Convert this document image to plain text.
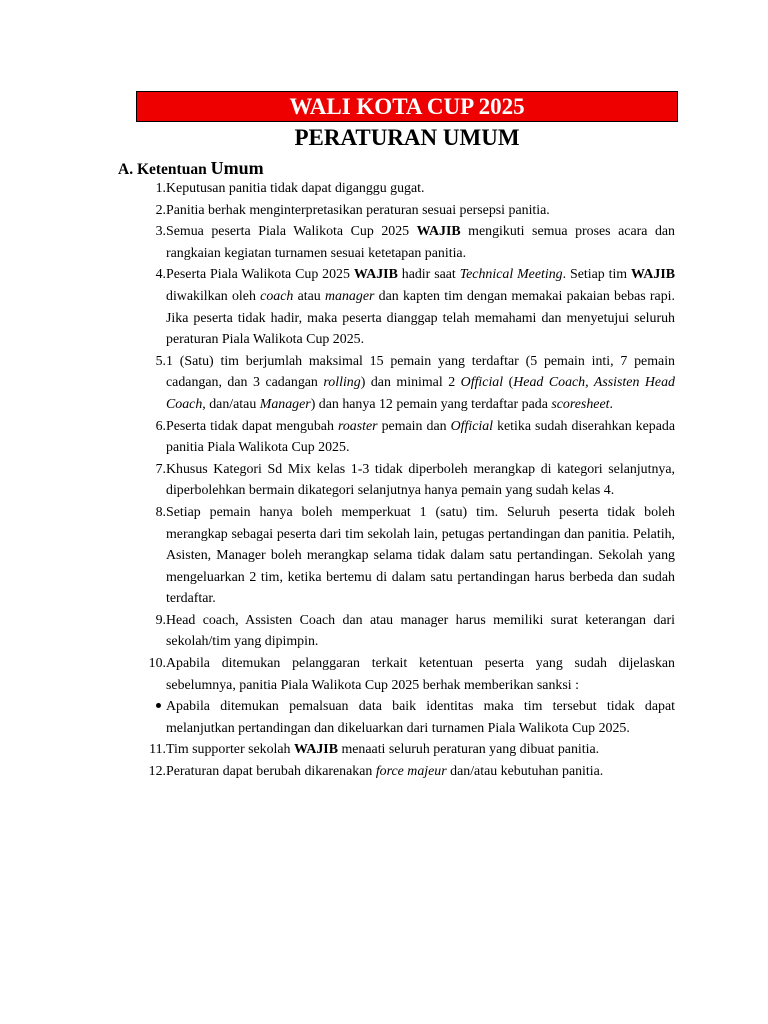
WALI KOTA CUP 2025
PERATURAN UMUM
A. Ketentuan Umum
1. Keputusan panitia tidak dapat diganggu gugat.
2. Panitia berhak menginterpretasikan peraturan sesuai persepsi panitia.
3. Semua peserta Piala Walikota Cup 2025 WAJIB mengikuti semua proses acara dan rangkaian kegiatan turnamen sesuai ketetapan panitia.
4. Peserta Piala Walikota Cup 2025 WAJIB hadir saat Technical Meeting. Setiap tim WAJIB diwakilkan oleh coach atau manager dan kapten tim dengan memakai pakaian bebas rapi. Jika peserta tidak hadir, maka peserta dianggap telah memahami dan menyetujui seluruh peraturan Piala Walikota Cup 2025.
5. 1 (Satu) tim berjumlah maksimal 15 pemain yang terdaftar (5 pemain inti, 7 pemain cadangan, dan 3 cadangan rolling) dan minimal 2 Official (Head Coach, Assisten Head Coach, dan/atau Manager) dan hanya 12 pemain yang terdaftar pada scoresheet.
6. Peserta tidak dapat mengubah roaster pemain dan Official ketika sudah diserahkan kepada panitia Piala Walikota Cup 2025.
7. Khusus Kategori Sd Mix kelas 1-3 tidak diperboleh merangkap di kategori selanjutnya, diperbolehkan bermain dikategori selanjutnya hanya pemain yang sudah kelas 4.
8. Setiap pemain hanya boleh memperkuat 1 (satu) tim. Seluruh peserta tidak boleh merangkap sebagai peserta dari tim sekolah lain, petugas pertandingan dan panitia. Pelatih, Asisten, Manager boleh merangkap selama tidak dalam satu pertandingan. Sekolah yang mengeluarkan 2 tim, ketika bertemu di dalam satu pertandingan harus berbeda dan sudah terdaftar.
9. Head coach, Assisten Coach dan atau manager harus memiliki surat keterangan dari sekolah/tim yang dipimpin.
10. Apabila ditemukan pelanggaran terkait ketentuan peserta yang sudah dijelaskan sebelumnya, panitia Piala Walikota Cup 2025 berhak memberikan sanksi :
Apabila ditemukan pemalsuan data baik identitas maka tim tersebut tidak dapat melanjutkan pertandingan dan dikeluarkan dari turnamen Piala Walikota Cup 2025.
11. Tim supporter sekolah WAJIB menaati seluruh peraturan yang dibuat panitia.
12. Peraturan dapat berubah dikarenakan force majeur dan/atau kebutuhan panitia.
